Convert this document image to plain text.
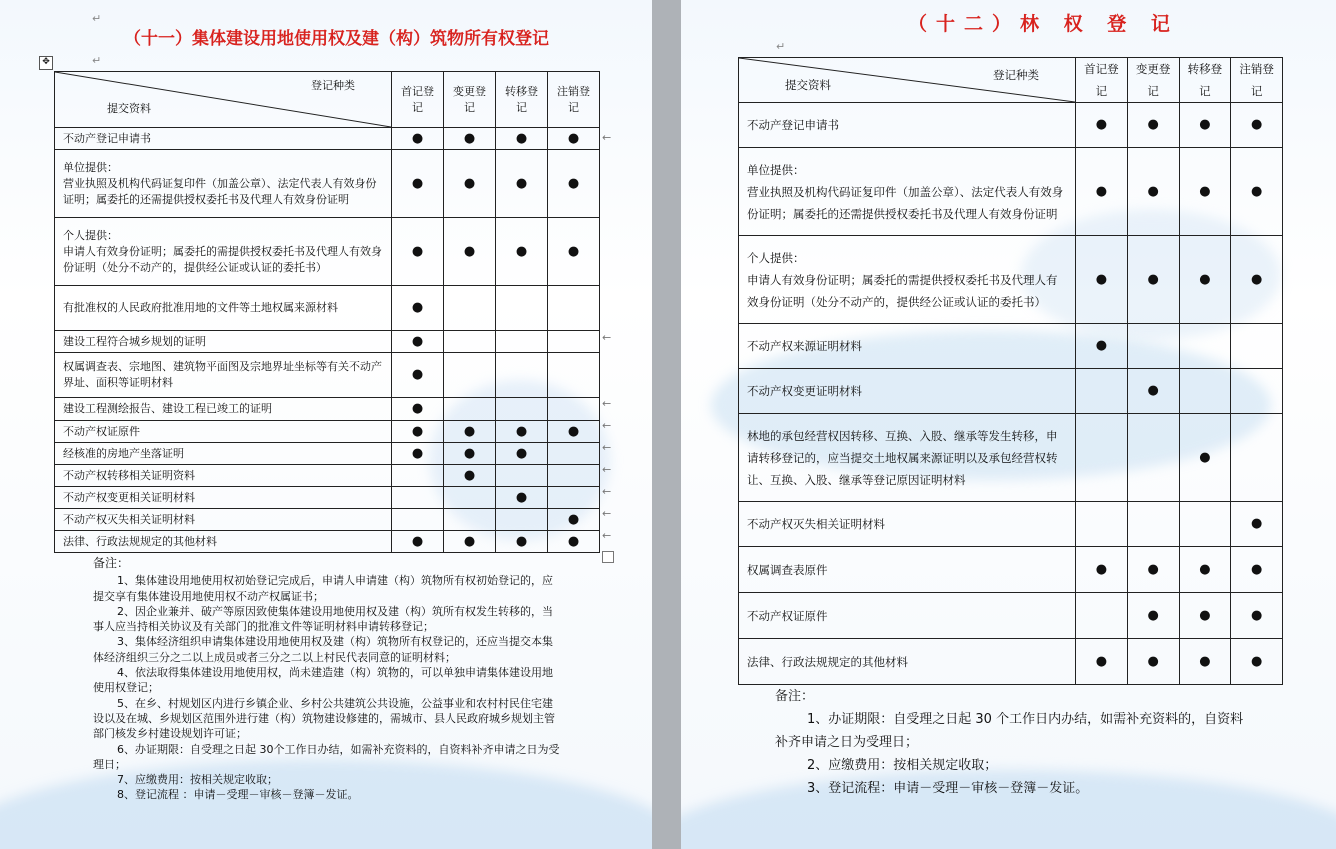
（十一）集体建设用地使用权及建（构）筑物所有权登记
（十二）林 权 登 记
✥
登记种类
提交资料	首记登记	变更登记	转移登记	注销登记
不动产登记申请书	●	●	●	●
单位提供：
营业执照及机构代码证复印件（加盖公章）、法定代表人有效身份证明；属委托的还需提供授权委托书及代理人有效身份证明	●	●	●	●
个人提供：
申请人有效身份证明；属委托的需提供授权委托书及代理人有效身份证明（处分不动产的，提供经公证或认证的委托书）	●	●	●	●
有批准权的人民政府批准用地的文件等土地权属来源材料	●			
建设工程符合城乡规划的证明	●			
权属调查表、宗地图、建筑物平面图及宗地界址坐标等有关不动产界址、面积等证明材料	●			
建设工程测绘报告、建设工程已竣工的证明	●			
不动产权证原件	●	●	●	●
经核准的房地产坐落证明	●	●	●	
不动产权转移相关证明资料		●		
不动产权变更相关证明材料			●	
不动产权灭失相关证明材料				●
法律、行政法规规定的其他材料	●	●	●	●
登记种类
提交资料	首记登记	变更登记	转移登记	注销登记
不动产登记申请书	●	●	●	●
单位提供：
营业执照及机构代码证复印件（加盖公章）、法定代表人有效身份证明；属委托的还需提供授权委托书及代理人有效身份证明	●	●	●	●
个人提供：
申请人有效身份证明；属委托的需提供授权委托书及代理人有效身份证明（处分不动产的，提供经公证或认证的委托书）	●	●	●	●
不动产权来源证明材料	●			
不动产权变更证明材料		●		
林地的承包经营权因转移、互换、入股、继承等发生转移，申请转移登记的，应当提交土地权属来源证明以及承包经营权转让、互换、入股、继承等登记原因证明材料			●	
不动产权灭失相关证明材料				●
权属调查表原件	●	●	●	●
不动产权证原件		●	●	●
法律、行政法规规定的其他材料	●	●	●	●
备注：

1、集体建设用地使用权初始登记完成后，申请人申请建（构）筑物所有权初始登记的，应提交享有集体建设用地使用权不动产权属证书；

2、因企业兼并、破产等原因致使集体建设用地使用权及建（构）筑所有权发生转移的，当事人应当持相关协议及有关部门的批准文件等证明材料申请转移登记；

3、集体经济组织申请集体建设用地使用权及建（构）筑物所有权登记的，还应当提交本集体经济组织三分之二以上成员或者三分之二以上村民代表同意的证明材料；

4、依法取得集体建设用地使用权，尚未建造建（构）筑物的，可以单独申请集体建设用地使用权登记；

5、在乡、村规划区内进行乡镇企业、乡村公共建筑公共设施，公益事业和农村村民住宅建设以及在城、乡规划区范围外进行建（构）筑物建设修建的，需城市、县人民政府城乡规划主管部门核发乡村建设规划许可证；

6、办证期限：自受理之日起 30个工作日办结，如需补充资料的，自资料补齐申请之日为受理日；

7、应缴费用：按相关规定收取；

8、登记流程 ：申请－受理－审核－登簿－发证。

备注：

1、办证期限：自受理之日起 30 个工作日内办结，如需补充资料的，自资料补齐申请之日为受理日；

2、应缴费用：按相关规定收取；

3、登记流程：申请－受理－审核－登簿－发证。

↵
↵
↵
←
←
←
←
←
←
←
←
←
